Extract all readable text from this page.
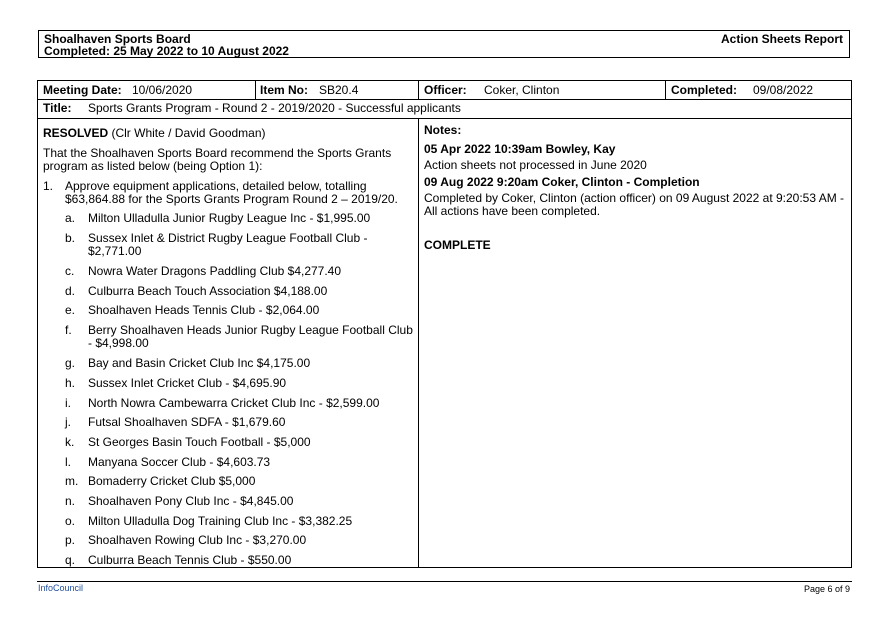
Shoalhaven Sports Board
Completed: 25 May 2022 to 10 August 2022
Action Sheets Report
Meeting Date: 10/06/2020	Item No: SB20.4	Officer: Coker, Clinton	Completed: 09/08/2022
Title: Sports Grants Program - Round 2 - 2019/2020 - Successful applicants
RESOLVED (Clr White / David Goodman)
That the Shoalhaven Sports Board recommend the Sports Grants
program as listed below (being Option 1):
1. Approve equipment applications, detailed below, totalling
$63,864.88 for the Sports Grants Program Round 2 – 2019/20.
a. Milton Ulladulla Junior Rugby League Inc - $1,995.00
b. Sussex Inlet & District Rugby League Football Club - $2,771.00
c. Nowra Water Dragons Paddling Club $4,277.40
d. Culburra Beach Touch Association $4,188.00
e. Shoalhaven Heads Tennis Club - $2,064.00
f. Berry Shoalhaven Heads Junior Rugby League Football Club - $4,998.00
g. Bay and Basin Cricket Club Inc $4,175.00
h. Sussex Inlet Cricket Club - $4,695.90
i. North Nowra Cambewarra Cricket Club Inc - $2,599.00
j. Futsal Shoalhaven SDFA - $1,679.60
k. St Georges Basin Touch Football - $5,000
l. Manyana Soccer Club - $4,603.73
m. Bomaderry Cricket Club $5,000
n. Shoalhaven Pony Club Inc - $4,845.00
o. Milton Ulladulla Dog Training Club Inc - $3,382.25
p. Shoalhaven Rowing Club Inc - $3,270.00
q. Culburra Beach Tennis Club - $550.00
Notes:
05 Apr 2022 10:39am Bowley, Kay
Action sheets not processed in June 2020
09 Aug 2022 9:20am Coker, Clinton - Completion
Completed by Coker, Clinton (action officer) on 09 August 2022 at 9:20:53 AM -
All actions have been completed.
COMPLETE
InfoCouncil	Page 6 of 9
